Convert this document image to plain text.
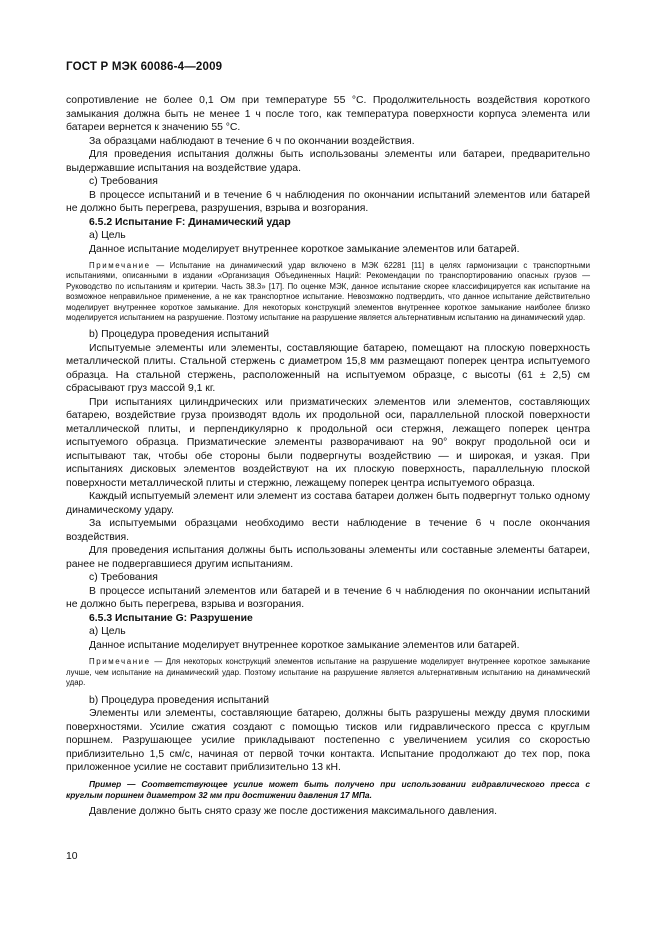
ГОСТ Р МЭК 60086-4—2009

сопротивление не более 0,1 Ом при температуре 55 °С. Продолжительность воздействия короткого замыкания должна быть не менее 1 ч после того, как температура поверхности корпуса элемента или батареи вернется к значению 55 °С.

За образцами наблюдают в течение 6 ч по окончании воздействия.

Для проведения испытания должны быть использованы элементы или батареи, предварительно выдержавшие испытания на воздействие удара.

c) Требования

В процессе испытаний и в течение 6 ч наблюдения по окончании испытаний элементов или батарей не должно быть перегрева, разрушения, взрыва и возгорания.

6.5.2 Испытание F: Динамический удар

a) Цель

Данное испытание моделирует внутреннее короткое замыкание элементов или батарей.

Примечание — Испытание на динамический удар включено в МЭК 62281 [11] в целях гармонизации с транспортными испытаниями, описанными в издании «Организация Объединенных Наций: Рекомендации по транспортированию опасных грузов — Руководство по испытаниям и критерии. Часть 38.3» [17]. По оценке МЭК, данное испытание скорее классифицируется как испытание на возможное неправильное применение, а не как транспортное испытание. Невозможно подтвердить, что данное испытание действительно моделирует внутреннее короткое замыкание. Для некоторых конструкций элементов внутреннее короткое замыкание наиболее близко моделируется испытанием на разрушение. Поэтому испытание на разрушение является альтернативным испытанию на динамический удар.

b) Процедура проведения испытаний

Испытуемые элементы или элементы, составляющие батарею, помещают на плоскую поверхность металлической плиты. Стальной стержень с диаметром 15,8 мм размещают поперек центра испытуемого образца. На стальной стержень, расположенный на испытуемом образце, с высоты (61 ± 2,5) см сбрасывают груз массой 9,1 кг.

При испытаниях цилиндрических или призматических элементов или элементов, составляющих батарею, воздействие груза производят вдоль их продольной оси, параллельной плоской поверхности металлической плиты, и перпендикулярно к продольной оси стержня, лежащего поперек центра испытуемого образца. Призматические элементы разворачивают на 90° вокруг продольной оси и испытывают так, чтобы обе стороны были подвергнуты воздействию — и широкая, и узкая. При испытаниях дисковых элементов воздействуют на их плоскую поверхность, параллельную плоской поверхности металлической плиты и стержню, лежащему поперек центра испытуемого образца.

Каждый испытуемый элемент или элемент из состава батареи должен быть подвергнут только одному динамическому удару.

За испытуемыми образцами необходимо вести наблюдение в течение 6 ч после окончания воздействия.

Для проведения испытания должны быть использованы элементы или составные элементы батареи, ранее не подвергавшиеся другим испытаниям.

c) Требования

В процессе испытаний элементов или батарей и в течение 6 ч наблюдения по окончании испытаний не должно быть перегрева, взрыва и возгорания.

6.5.3 Испытание G: Разрушение

a) Цель

Данное испытание моделирует внутреннее короткое замыкание элементов или батарей.

Примечание — Для некоторых конструкций элементов испытание на разрушение моделирует внутреннее короткое замыкание лучше, чем испытание на динамический удар. Поэтому испытание на разрушение является альтернативным испытанию на динамический удар.

b) Процедура проведения испытаний

Элементы или элементы, составляющие батарею, должны быть разрушены между двумя плоскими поверхностями. Усилие сжатия создают с помощью тисков или гидравлического пресса с круглым поршнем. Разрушающее усилие прикладывают постепенно с увеличением усилия со скоростью приблизительно 1,5 см/с, начиная от первой точки контакта. Испытание продолжают до тех пор, пока приложенное усилие не составит приблизительно 13 кН.

Пример — Соответствующее усилие может быть получено при использовании гидравлического пресса с круглым поршнем диаметром 32 мм при достижении давления 17 МПа.

Давление должно быть снято сразу же после достижения максимального давления.

10
